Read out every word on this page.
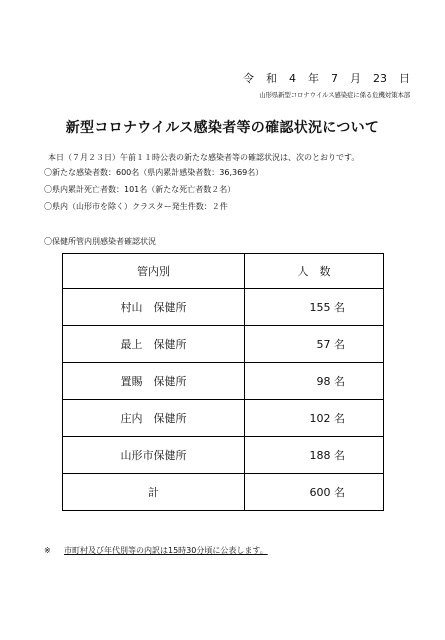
令 和 4 年 7 月 23 日
山形県新型コロナウイルス感染症に係る危機対策本部
新型コロナウイルス感染者等の確認状況について
本日（７月２３日）午前１１時公表の新たな感染者等の確認状況は、次のとおりです。
〇新たな感染者数：600名（県内累計感染者数：36,369名）
〇県内累計死亡者数：101名（新たな死亡者数２名）
〇県内（山形市を除く）クラスター発生件数：２件
〇保健所管内別感染者確認状況
管内別	人　数
村山　保健所	155 名
最上　保健所	57 名
置賜　保健所	98 名
庄内　保健所	102 名
山形市保健所	188 名
計	600 名
※ 市町村及び年代別等の内訳は15時30分頃に公表します。
